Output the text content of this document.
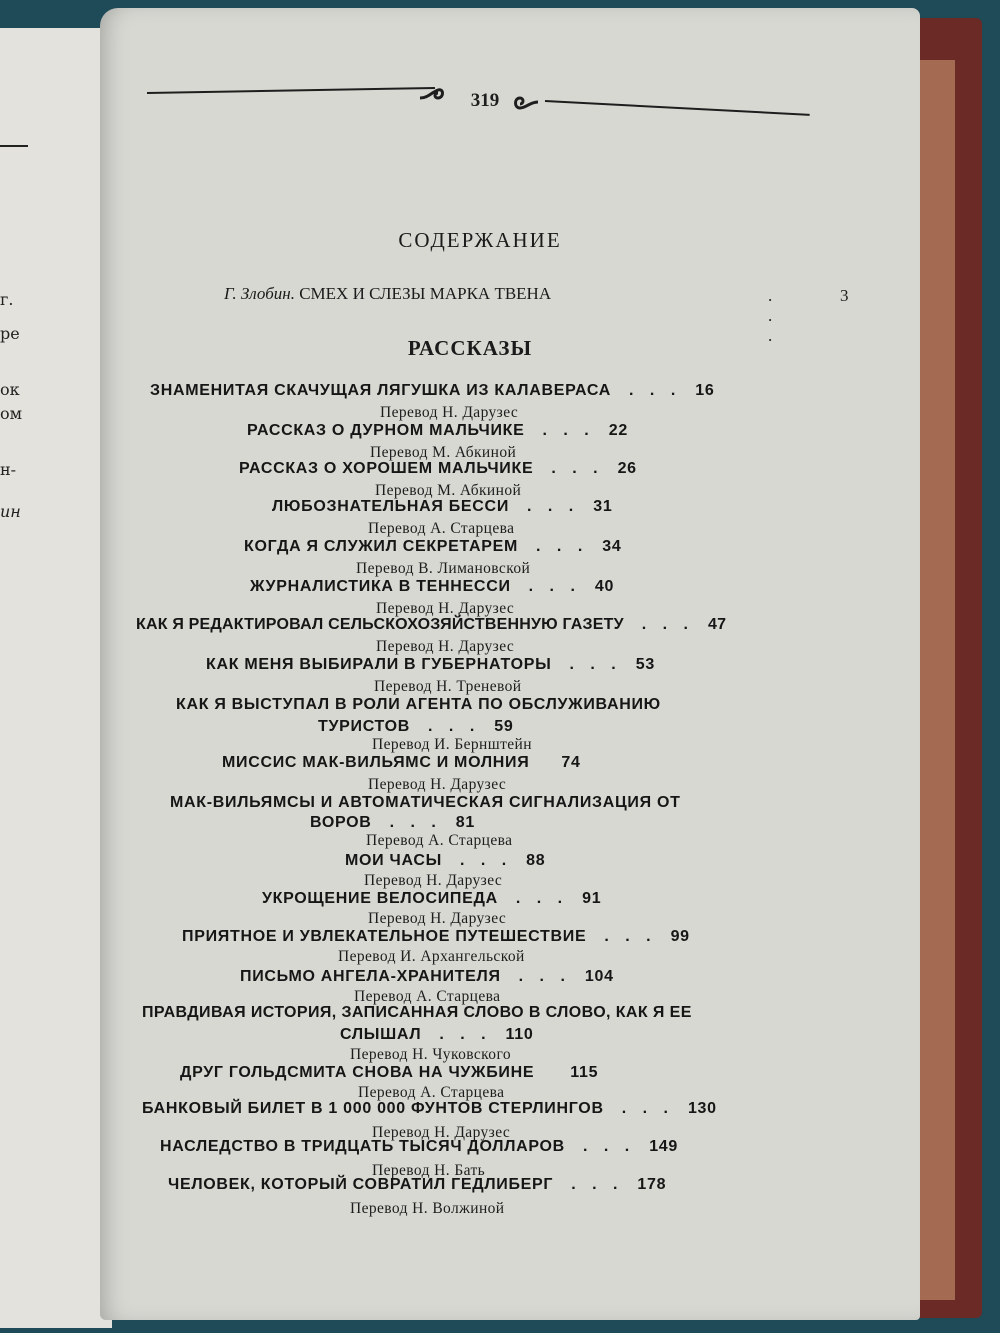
г.

ре

ок

ом

н-

ин

319

СОДЕРЖАНИЕ
Г. Злобин. СМЕХ И СЛЕЗЫ МАРКА ТВЕНА	. . .
3
РАССКАЗЫ

ЗНАМЕНИТАЯ СКАЧУЩАЯ ЛЯГУШКА ИЗ КАЛАВЕРАСА . . . 16

Перевод Н. Дарузес

РАССКАЗ О ДУРНОМ МАЛЬЧИКЕ . . . 22

Перевод М. Абкиной

РАССКАЗ О ХОРОШЕМ МАЛЬЧИКЕ . . . 26

Перевод М. Абкиной

ЛЮБОЗНАТЕЛЬНАЯ БЕССИ . . . 31

Перевод А. Старцева

КОГДА Я СЛУЖИЛ СЕКРЕТАРЕМ . . . 34

Перевод В. Лимановской

ЖУРНАЛИСТИКА В ТЕННЕССИ . . . 40

Перевод Н. Дарузес

КАК Я РЕДАКТИРОВАЛ СЕЛЬСКОХОЗЯЙСТВЕННУЮ ГАЗЕТУ . . . 47

Перевод Н. Дарузес

КАК МЕНЯ ВЫБИРАЛИ В ГУБЕРНАТОРЫ . . . 53

Перевод Н. Треневой

КАК Я ВЫСТУПАЛ В РОЛИ АГЕНТА ПО ОБСЛУЖИВАНИЮ

ТУРИСТОВ . . . 59

Перевод И. Бернштейн

МИССИС МАК-ВИЛЬЯМС И МОЛНИЯ 74

Перевод Н. Дарузес

МАК-ВИЛЬЯМСЫ И АВТОМАТИЧЕСКАЯ СИГНАЛИЗАЦИЯ ОТ

ВОРОВ . . . 81

Перевод А. Старцева

МОИ ЧАСЫ . . . 88

Перевод Н. Дарузес

УКРОЩЕНИЕ ВЕЛОСИПЕДА . . . 91

Перевод Н. Дарузес

ПРИЯТНОЕ И УВЛЕКАТЕЛЬНОЕ ПУТЕШЕСТВИЕ . . . 99

Перевод И. Архангельской

ПИСЬМО АНГЕЛА-ХРАНИТЕЛЯ . . . 104

Перевод А. Старцева

ПРАВДИВАЯ ИСТОРИЯ, ЗАПИСАННАЯ СЛОВО В СЛОВО, КАК Я ЕЕ

СЛЫШАЛ . . . 110

Перевод Н. Чуковского

ДРУГ ГОЛЬДСМИТА СНОВА НА ЧУЖБИНЕ 115

Перевод А. Старцева

БАНКОВЫЙ БИЛЕТ В 1 000 000 ФУНТОВ СТЕРЛИНГОВ . . . 130

Перевод Н. Дарузес

НАСЛЕДСТВО В ТРИДЦАТЬ ТЫСЯЧ ДОЛЛАРОВ . . . 149

Перевод Н. Бать

ЧЕЛОВЕК, КОТОРЫЙ СОВРАТИЛ ГЕДЛИБЕРГ . . . 178

Перевод Н. Волжиной
